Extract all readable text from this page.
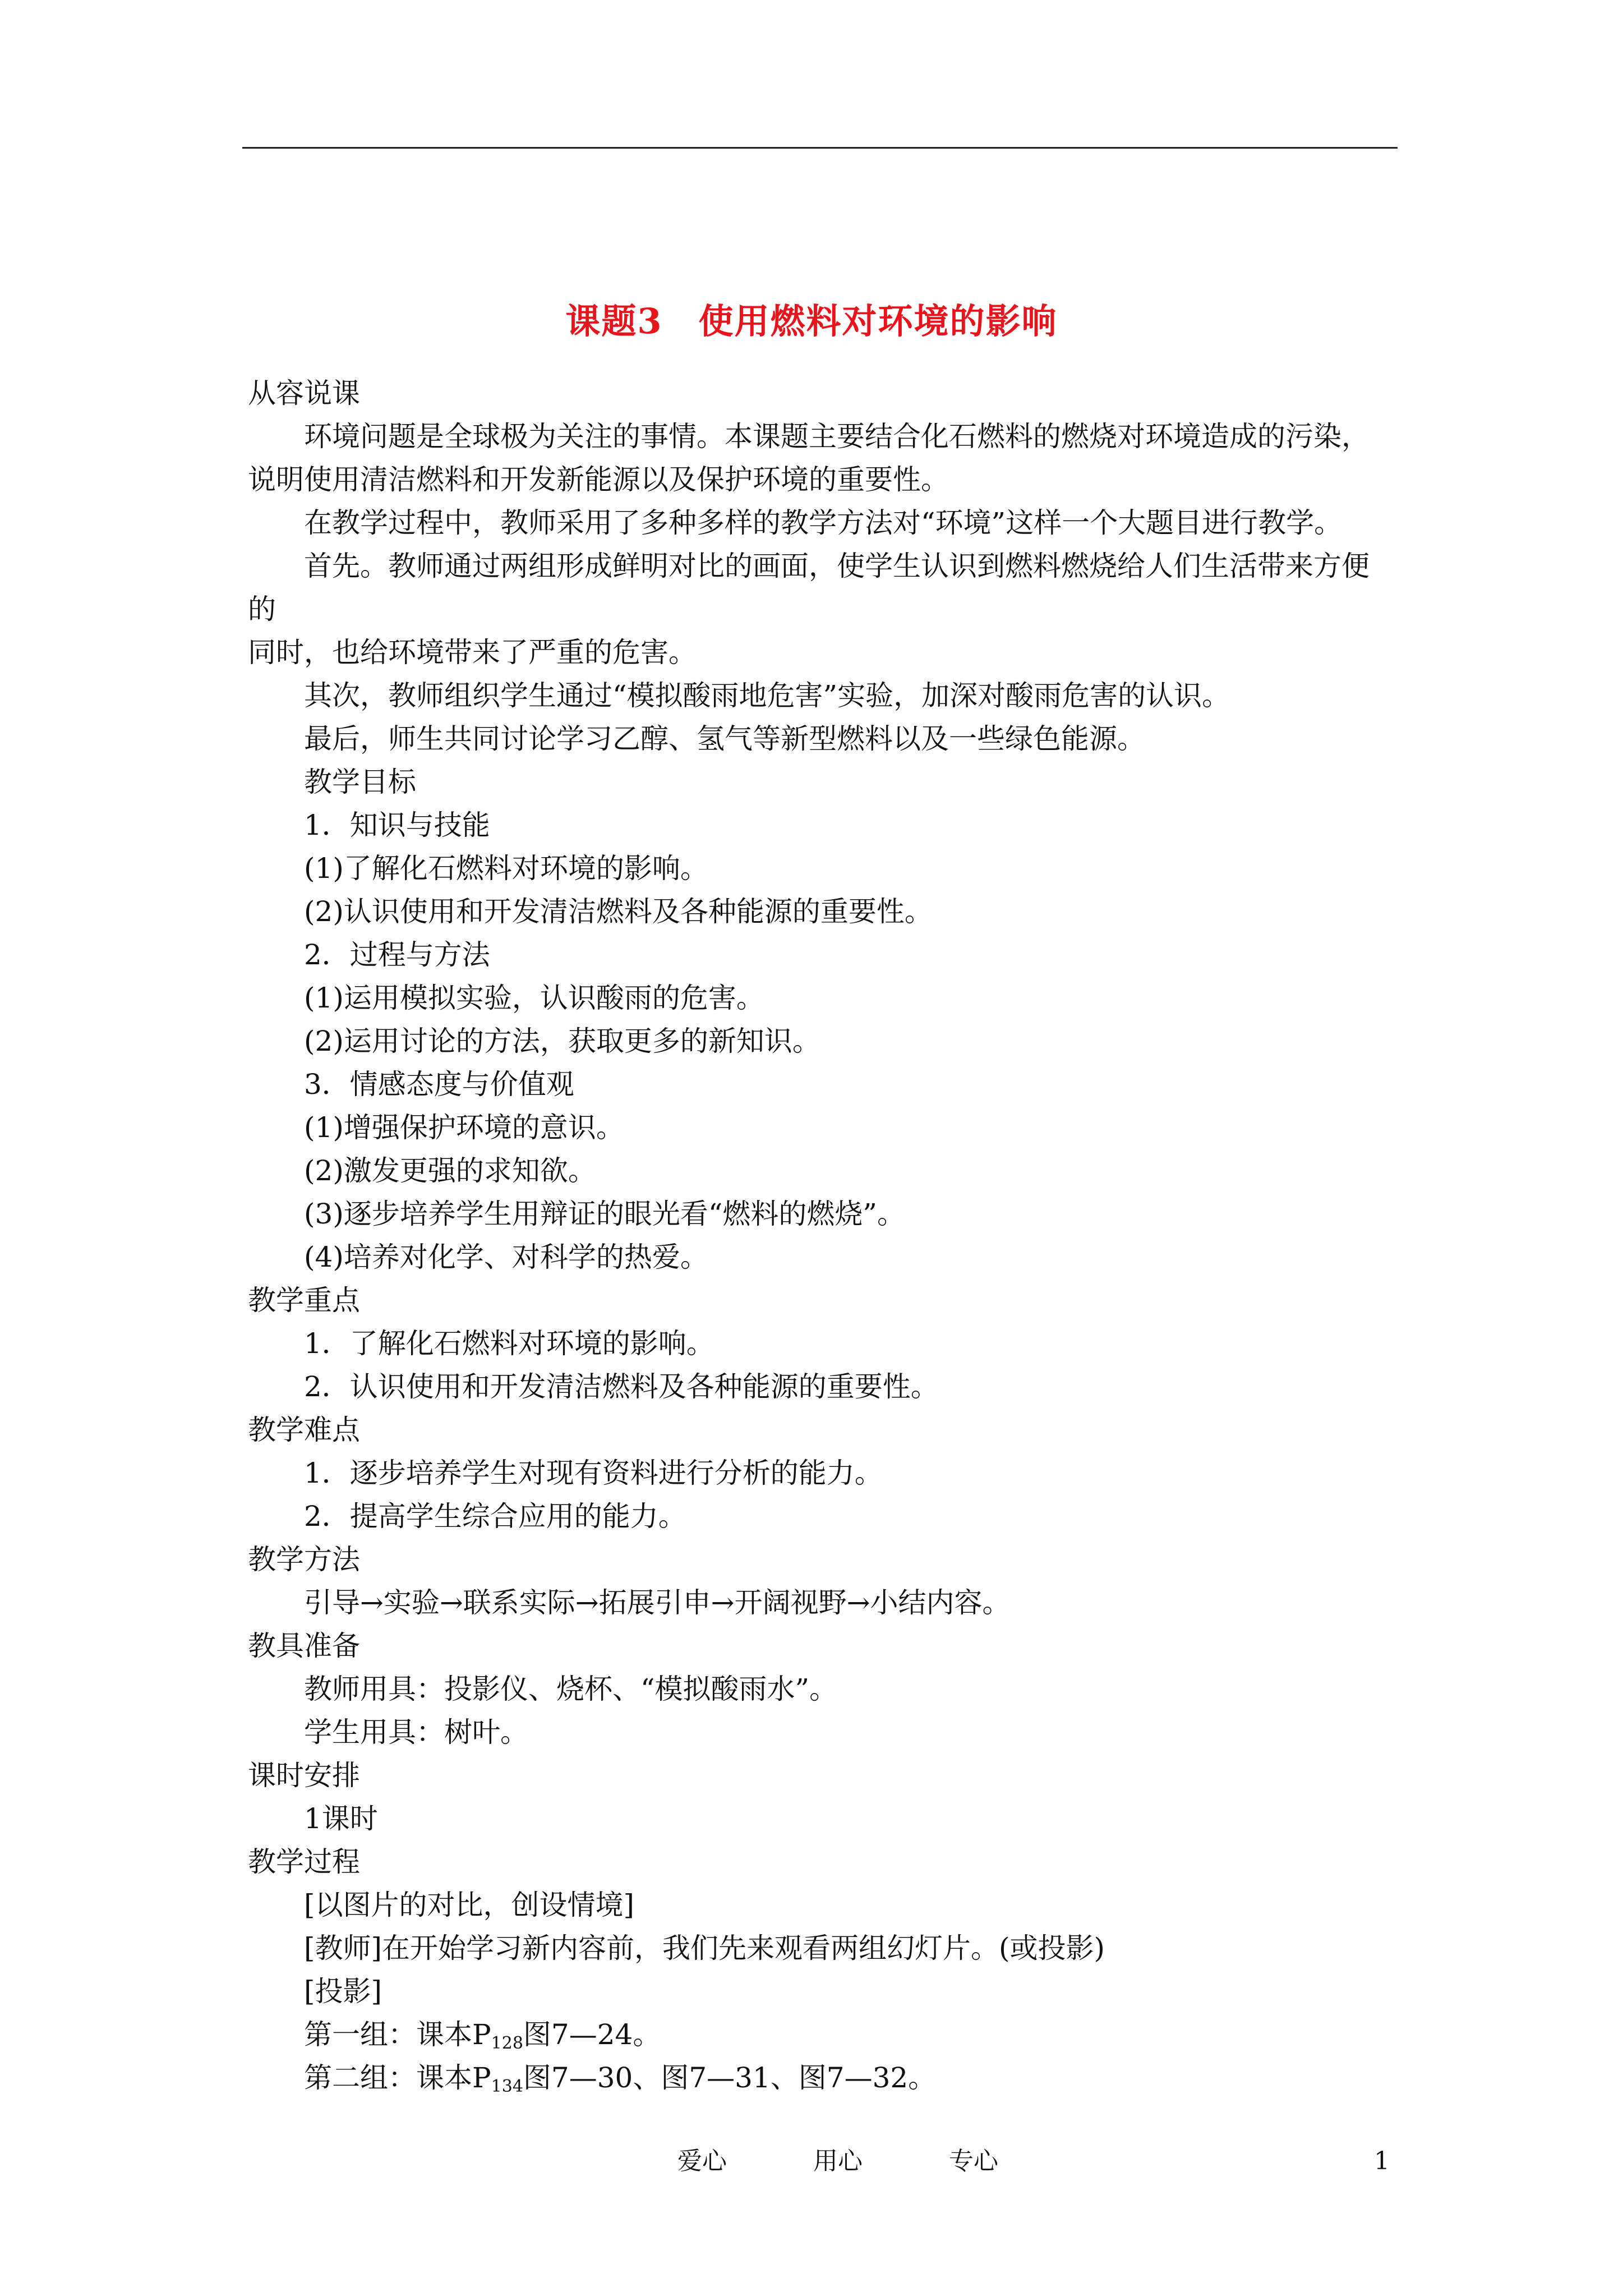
课题3　使用燃料对环境的影响
从容说课
环境问题是全球极为关注的事情。本课题主要结合化石燃料的燃烧对环境造成的污染，
说明使用清洁燃料和开发新能源以及保护环境的重要性。
在教学过程中，教师采用了多种多样的教学方法对“环境”这样一个大题目进行教学。
首先。教师通过两组形成鲜明对比的画面，使学生认识到燃料燃烧给人们生活带来方便
的
同时，也给环境带来了严重的危害。
其次，教师组织学生通过“模拟酸雨地危害”实验，加深对酸雨危害的认识。
最后，师生共同讨论学习乙醇、氢气等新型燃料以及一些绿色能源。
教学目标
1．知识与技能
(1)了解化石燃料对环境的影响。
(2)认识使用和开发清洁燃料及各种能源的重要性。
2．过程与方法
(1)运用模拟实验，认识酸雨的危害。
(2)运用讨论的方法，获取更多的新知识。
3．情感态度与价值观
(1)增强保护环境的意识。
(2)激发更强的求知欲。
(3)逐步培养学生用辩证的眼光看“燃料的燃烧”。
(4)培养对化学、对科学的热爱。
教学重点
1．了解化石燃料对环境的影响。
2．认识使用和开发清洁燃料及各种能源的重要性。
教学难点
1．逐步培养学生对现有资料进行分析的能力。
2．提高学生综合应用的能力。
教学方法
引导→实验→联系实际→拓展引申→开阔视野→小结内容。
教具准备
教师用具：投影仪、烧杯、“模拟酸雨水”。
学生用具：树叶。
课时安排
1课时
教学过程
[以图片的对比，创设情境]
[教师]在开始学习新内容前，我们先来观看两组幻灯片。(或投影)
[投影]
第一组：课本$P_{128}$图7—24。
第二组：课本$P_{134}$图7—30、图7—31、图7—32。
爱心	用心	专心	1
